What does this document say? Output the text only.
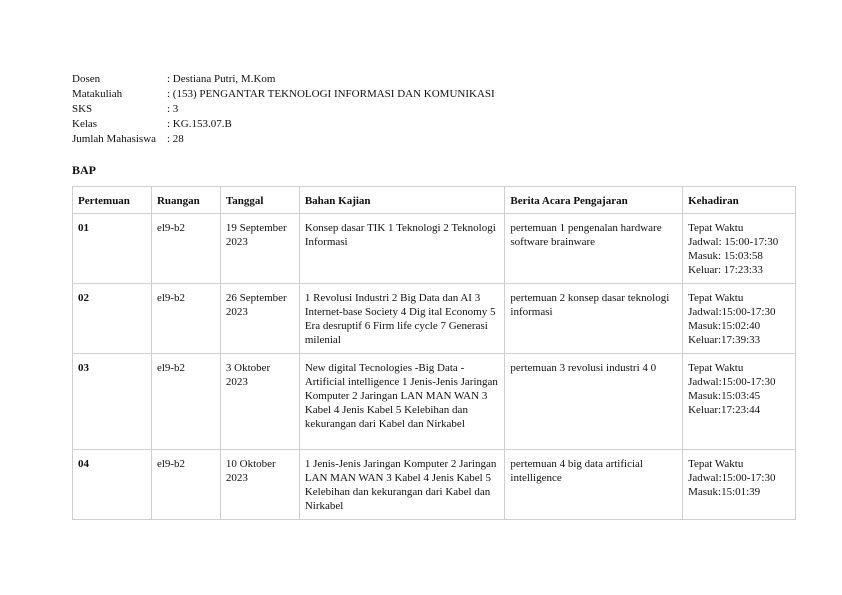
Dosen	: Destiana Putri, M.Kom
Matakuliah	: (153) PENGANTAR TEKNOLOGI INFORMASI DAN KOMUNIKASI
SKS	: 3
Kelas	: KG.153.07.B
Jumlah Mahasiswa : 28
BAP
Pertemuan	Ruangan	Tanggal	Bahan Kajian	Berita Acara Pengajaran	Kehadiran
01	el9-b2	19 September 2023	Konsep dasar TIK 1 Teknologi 2 Teknologi Informasi	pertemuan 1 pengenalan hardware software brainware	Tepat Waktu
Jadwal: 15:00-17:30
Masuk: 15:03:58
Keluar: 17:23:33

02	el9-b2	26 September 2023	1 Revolusi Industri 2 Big Data dan AI 3 Internet-base Society 4 Dig ital Economy 5 Era desruptif 6 Firm life cycle 7 Generasi milenial	pertemuan 2 konsep dasar teknologi informasi	Tepat Waktu
Jadwal:15:00-17:30
Masuk:15:02:40
Keluar:17:39:33

03	el9-b2	3 Oktober 2023	New digital Tecnologies -Big Data -Artificial intelligence 1 Jenis-Jenis Jaringan Komputer 2 Jaringan LAN MAN WAN 3 Kabel 4 Jenis Kabel 5 Kelebihan dan kekurangan dari Kabel dan Nirkabel	pertemuan 3 revolusi industri 4 0	Tepat Waktu
Jadwal:15:00-17:30
Masuk:15:03:45
Keluar:17:23:44

04	el9-b2	10 Oktober 2023	1 Jenis-Jenis Jaringan Komputer 2 Jaringan LAN MAN WAN 3 Kabel 4 Jenis Kabel 5 Kelebihan dan kekurangan dari Kabel dan Nirkabel	pertemuan 4 big data artificial intelligence	Tepat Waktu
Jadwal:15:00-17:30
Masuk:15:01:39
